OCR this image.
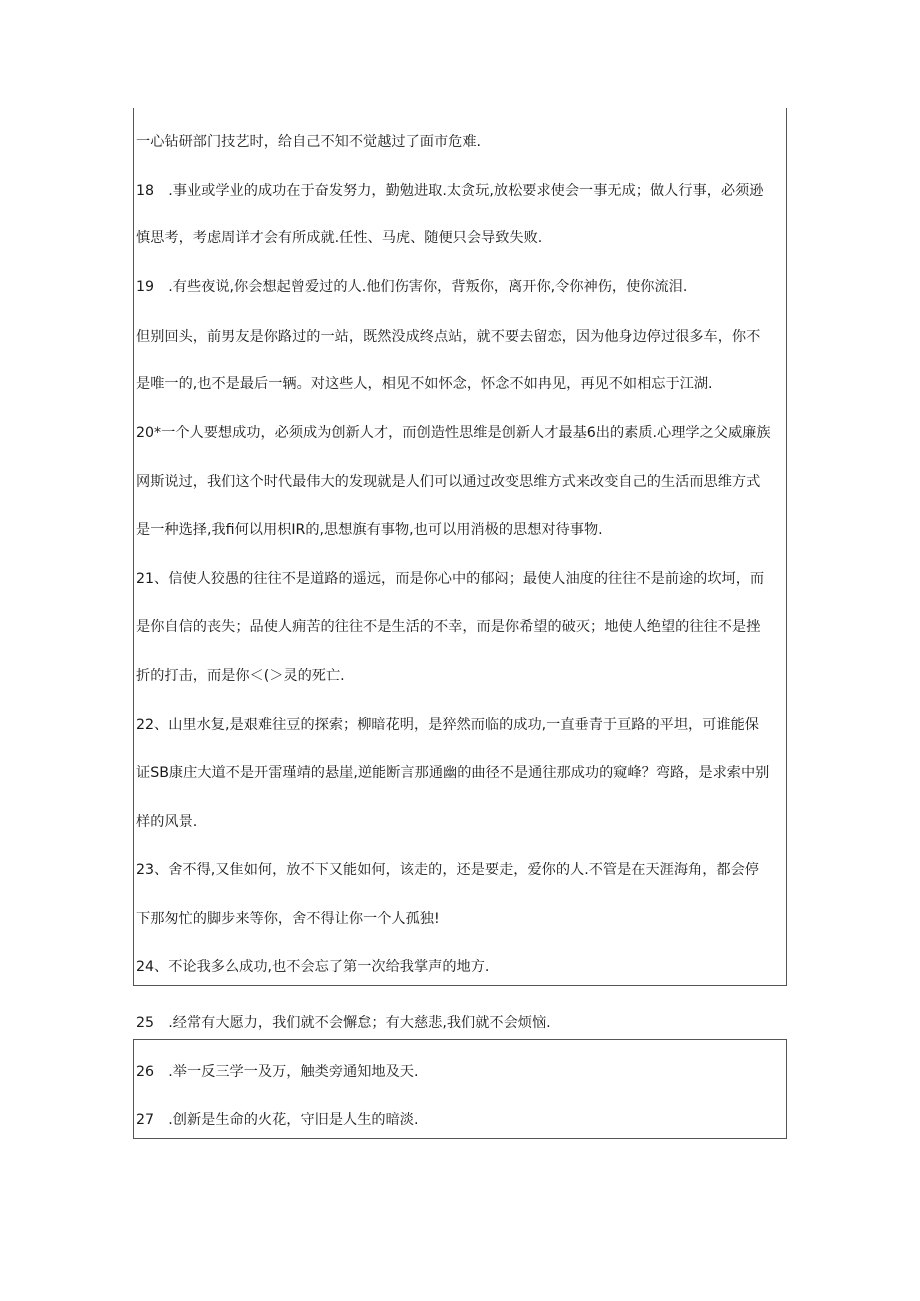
一心钻研部门技艺时，给自己不知不觉越过了面市危难.
18　.事业或学业的成功在于奋发努力，勤勉进取.太贪玩,放松要求使会一事无成；做人行事，必须逊
慎思考，考虑周详才会有所成就.任性、马虎、随便只会导致失败.
19　.有些夜说,你会想起曾爱过的人.他们伤害你，背叛你，离开你,令你神伤，使你流泪.
但别回头，前男友是你路过的一站，既然没成终点站，就不要去留恋，因为他身边停过很多车，你不
是唯一的,也不是最后一辆。对这些人，相见不如怀念，怀念不如冉见，再见不如相忘于江湖.
20*一个人要想成功，必须成为创新人才，而创造性思维是创新人才最基6出的素质.心理学之父威廉族
网斯说过，我们这个时代最伟大的发现就是人们可以通过改变思维方式来改变自己的生活而思维方式
是一种选择,我fi何以用枳IR的,思想旗有事物,也可以用消极的思想对待事物.
21、信使人狡愚的往往不是道路的遥远，而是你心中的郁闷；最使人油度的往往不是前途的坎坷，而
是你自信的丧失；品使人痈苦的往往不是生活的不幸，而是你希望的破灭；地使人绝望的往往不是挫
折的打击，而是你＜(＞灵的死亡.
22、山里水复,是艰难往豆的探索；柳暗花明，是猝然而临的成功,一直垂青于亘路的平坦，可谁能保
证SB康庄大道不是开雷瑾靖的悬崖,逆能断言那通幽的曲径不是通往那成功的窥峰？弯路，是求索中别
样的风景.
23、舍不得,又隹如何，放不下又能如何，该走的，还是要走，爱你的人.不管是在天涯海角，都会停
下那匆忙的脚步来等你，舍不得让你一个人孤独!
24、不论我多么成功,也不会忘了第一次给我掌声的地方.
25　.经常有大愿力，我们就不会懈怠；有大慈悲,我们就不会烦恼.
26　.举一反三学一及万，触类旁通知地及天.
27　.创新是生命的火花，守旧是人生的暗淡.
